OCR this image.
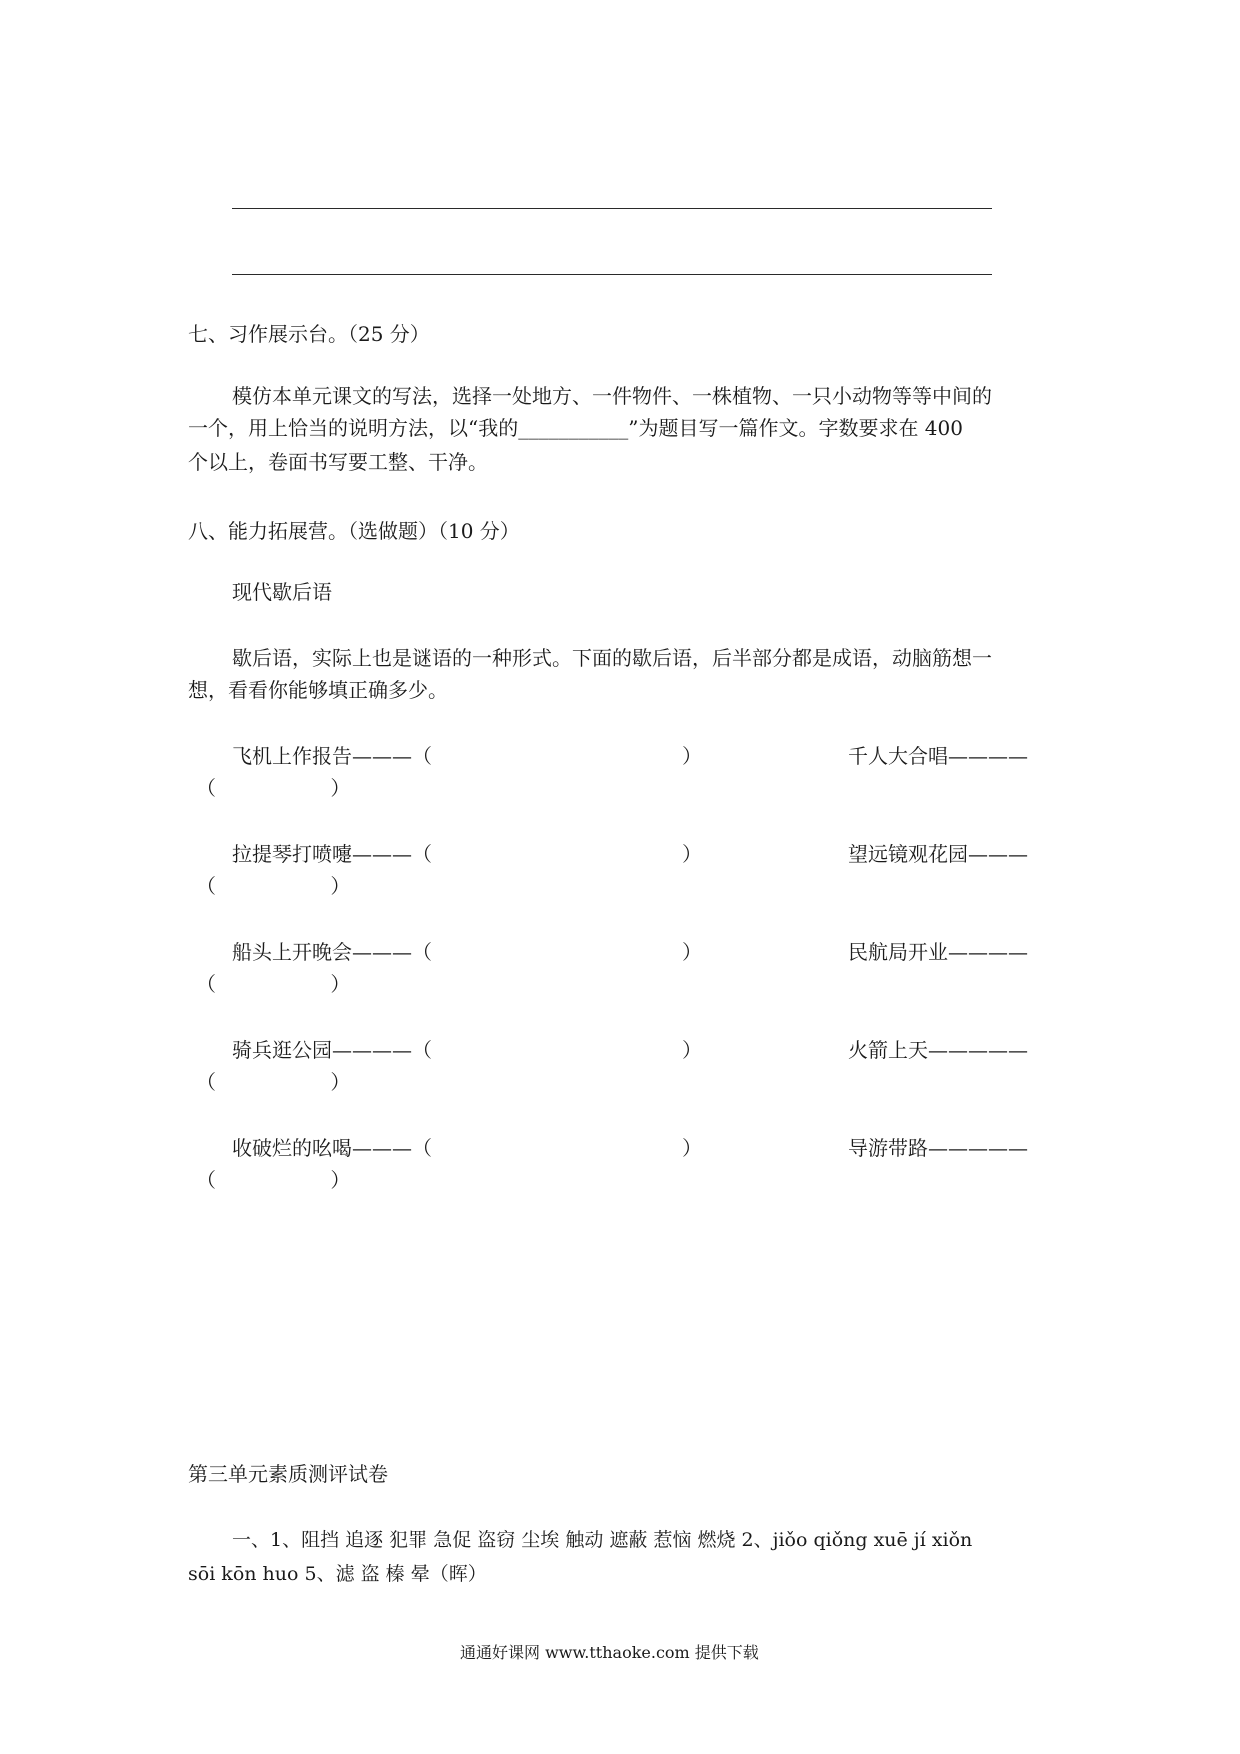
七、习作展示台。（25 分）
模仿本单元课文的写法，选择一处地方、一件物件、一株植物、一只小动物等等中间的
一个，用上恰当的说明方法，以“我的___________”为题目写一篇作文。字数要求在 400
个以上，卷面书写要工整、干净。
八、能力拓展营。（选做题）（10 分）
现代歇后语
歇后语，实际上也是谜语的一种形式。下面的歇后语，后半部分都是成语，动脑筋想一
想，看看你能够填正确多少。
飞机上作报告———（	）	千人大合唱————
（                  ）
拉提琴打喷嚏———（	）	望远镜观花园———
（                  ）
船头上开晚会———（	）	民航局开业————
（                  ）
骑兵逛公园————（	）	火箭上天—————
（                  ）
收破烂的吆喝———（	）	导游带路—————
（                  ）
第三单元素质测评试卷
一、1、阻挡 追逐 犯罪 急促 盗窃 尘埃 触动 遮蔽 惹恼 燃烧 2、jiǒo qiǒng xuē jí xiǒn
sōi kōn huo 5、滤 盗 榛 晕（晖）
通通好课网 www.tthaoke.com 提供下载
